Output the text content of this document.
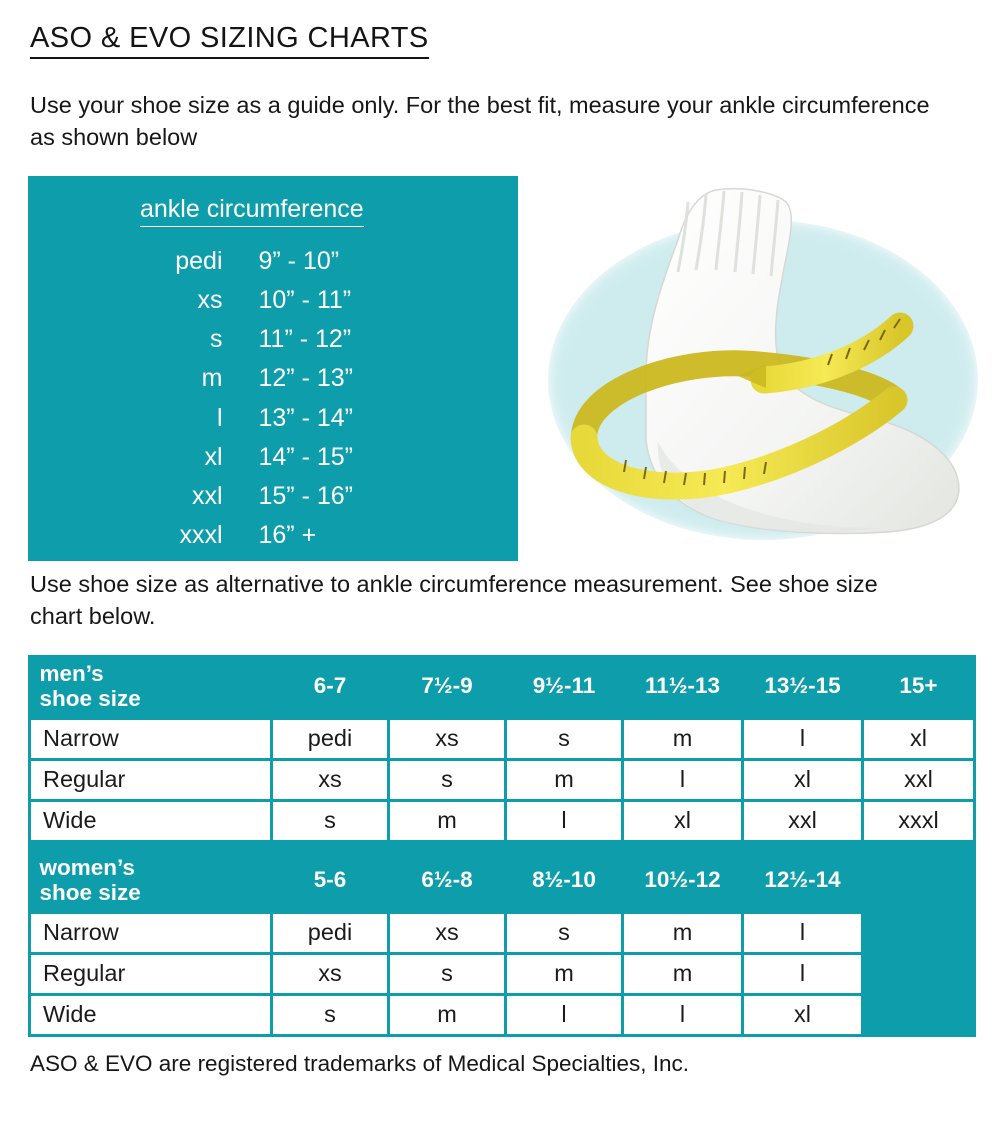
ASO & EVO SIZING CHARTS

Use your shoe size as a guide only. For the best fit, measure your ankle circumference as shown below

ankle circumference
pedi	9” - 10”
xs	10” - 11”
s	11” - 12”
m	12” - 13”
l	13” - 14”
xl	14” - 15”
xxl	15” - 16”
xxxl	16” +

Use shoe size as alternative to ankle circumference measurement. See shoe size chart below.

men’s
shoe size	6-7	7½-9	9½-11	11½-13	13½-15	15+
Narrow	pedi	xs	s	m	l	xl
Regular	xs	s	m	l	xl	xxl
Wide	s	m	l	xl	xxl	xxxl

women’s
shoe size	5-6	6½-8	8½-10	10½-12	12½-14	
Narrow	pedi	xs	s	m	l	
Regular	xs	s	m	m	l	
Wide	s	m	l	l	xl	

ASO & EVO are registered trademarks of Medical Specialties, Inc.
